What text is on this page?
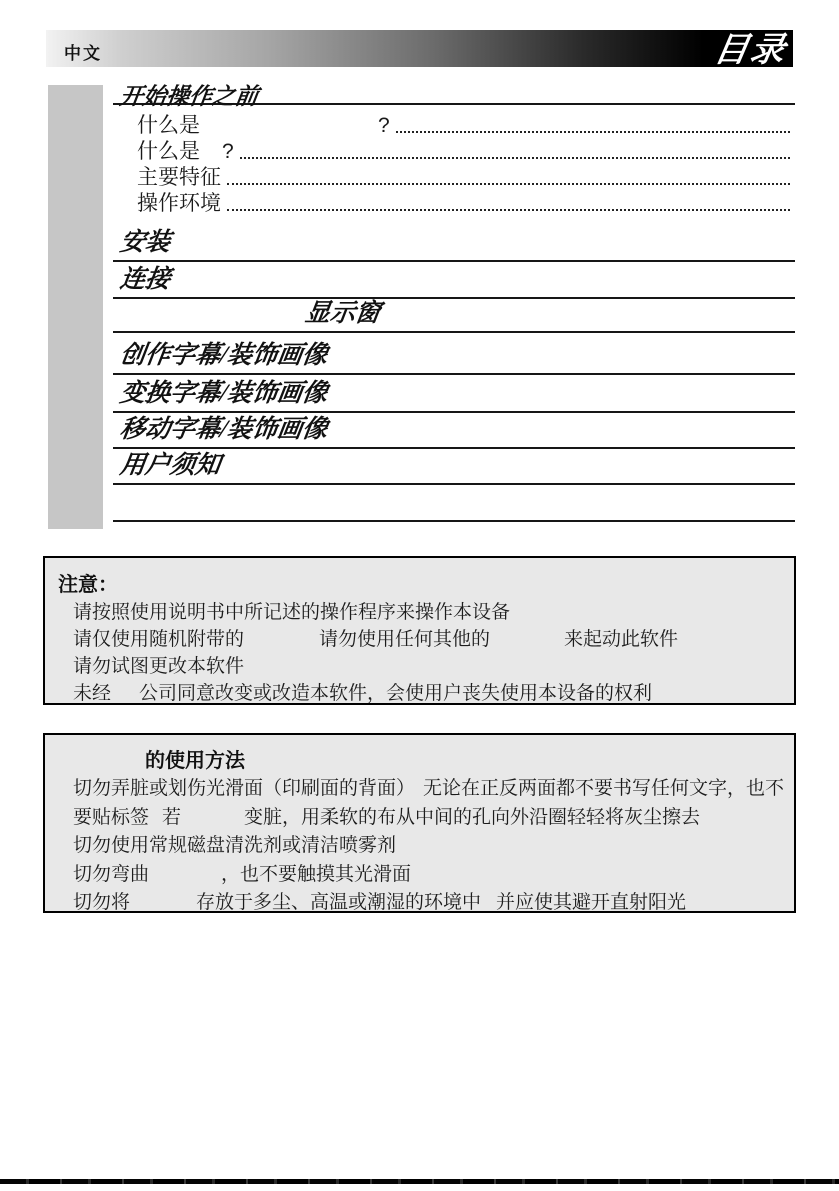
中文	目录
开始操作之前
什么是	?
什么是 ?
主要特征
操作环境
安装
连接
显示窗
创作字幕/装饰画像
变换字幕/装饰画像
移动字幕/装饰画像
用户须知
注意：
请按照使用说明书中所记述的操作程序来操作本设备
请仅使用随机附带的	请勿使用任何其他的	来起动此软件
请勿试图更改本软件
未经 公司同意改变或改造本软件，会使用户丧失使用本设备的权利
的使用方法
切勿弄脏或划伤光滑面（印刷面的背面） 无论在正反两面都不要书写任何文字，也不
要贴标签 若	变脏，用柔软的布从中间的孔向外沿圈轻轻将灰尘擦去
切勿使用常规磁盘清洗剂或清洁喷雾剂
切勿弯曲	，也不要触摸其光滑面
切勿将	存放于多尘、高温或潮湿的环境中 并应使其避开直射阳光
